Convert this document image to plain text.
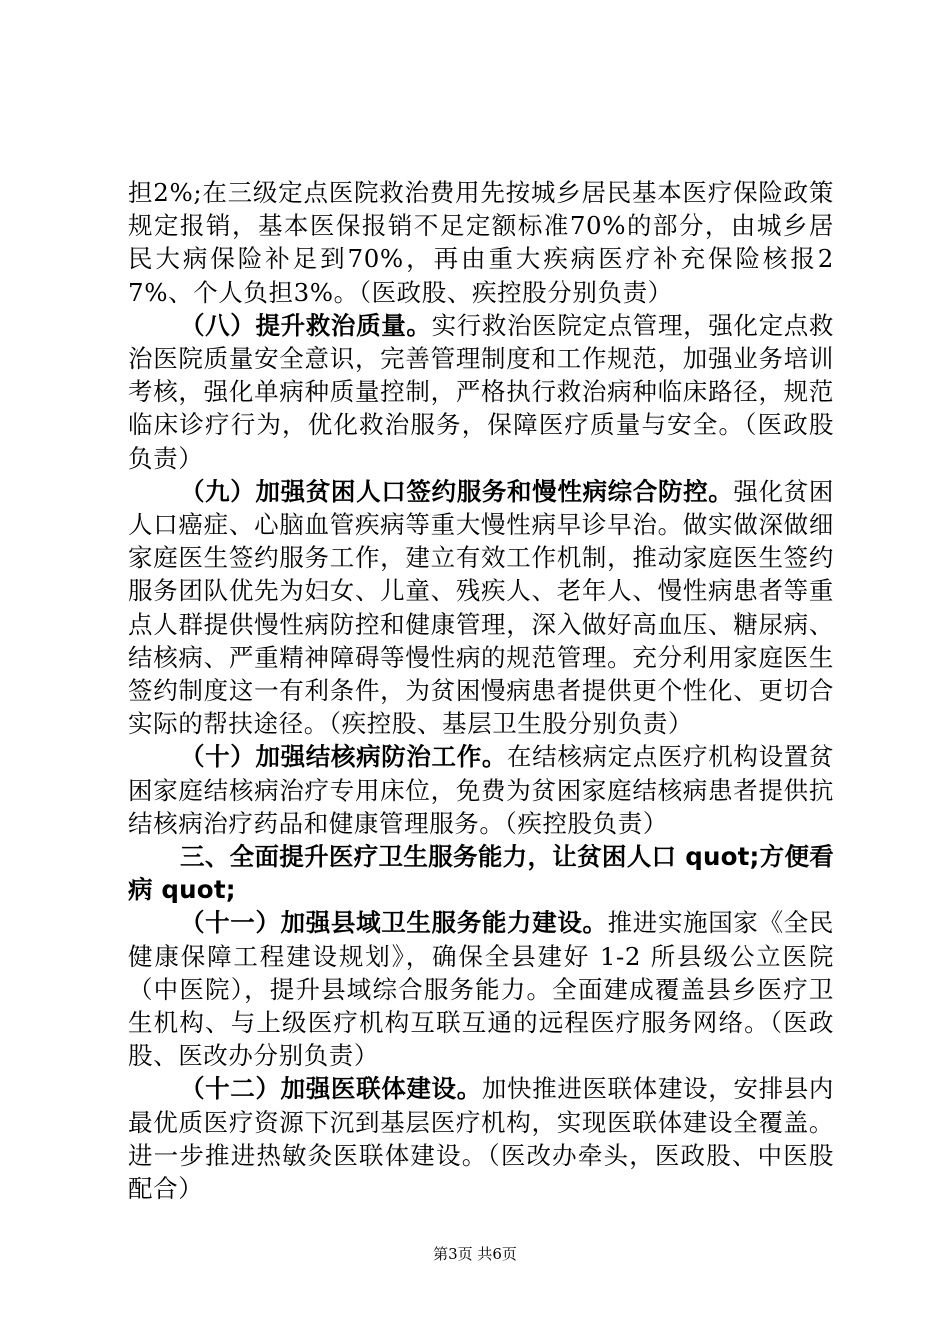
担2%;在三级定点医院救治费用先按城乡居民基本医疗保险政策规定报销，基本医保报销不足定额标准70%的部分，由城乡居民大病保险补足到70%，再由重大疾病医疗补充保险核报27%、个人负担3%。（医政股、疾控股分别负责）

（八）提升救治质量。实行救治医院定点管理，强化定点救治医院质量安全意识，完善管理制度和工作规范，加强业务培训考核，强化单病种质量控制，严格执行救治病种临床路径，规范临床诊疗行为，优化救治服务，保障医疗质量与安全。（医政股负责）

（九）加强贫困人口签约服务和慢性病综合防控。强化贫困人口癌症、心脑血管疾病等重大慢性病早诊早治。做实做深做细家庭医生签约服务工作，建立有效工作机制，推动家庭医生签约服务团队优先为妇女、儿童、残疾人、老年人、慢性病患者等重点人群提供慢性病防控和健康管理，深入做好高血压、糖尿病、结核病、严重精神障碍等慢性病的规范管理。充分利用家庭医生签约制度这一有利条件，为贫困慢病患者提供更个性化、更切合实际的帮扶途径。（疾控股、基层卫生股分别负责）

（十）加强结核病防治工作。在结核病定点医疗机构设置贫困家庭结核病治疗专用床位，免费为贫困家庭结核病患者提供抗结核病治疗药品和健康管理服务。（疾控股负责）

三、全面提升医疗卫生服务能力，让贫困人口 quot;方便看病 quot;

（十一）加强县域卫生服务能力建设。推进实施国家《全民健康保障工程建设规划》，确保全县建好 1-2 所县级公立医院（中医院），提升县域综合服务能力。全面建成覆盖县乡医疗卫生机构、与上级医疗机构互联互通的远程医疗服务网络。（医政股、医改办分别负责）

（十二）加强医联体建设。加快推进医联体建设，安排县内最优质医疗资源下沉到基层医疗机构，实现医联体建设全覆盖。进一步推进热敏灸医联体建设。（医改办牵头，医政股、中医股配合）

第3页 共6页
